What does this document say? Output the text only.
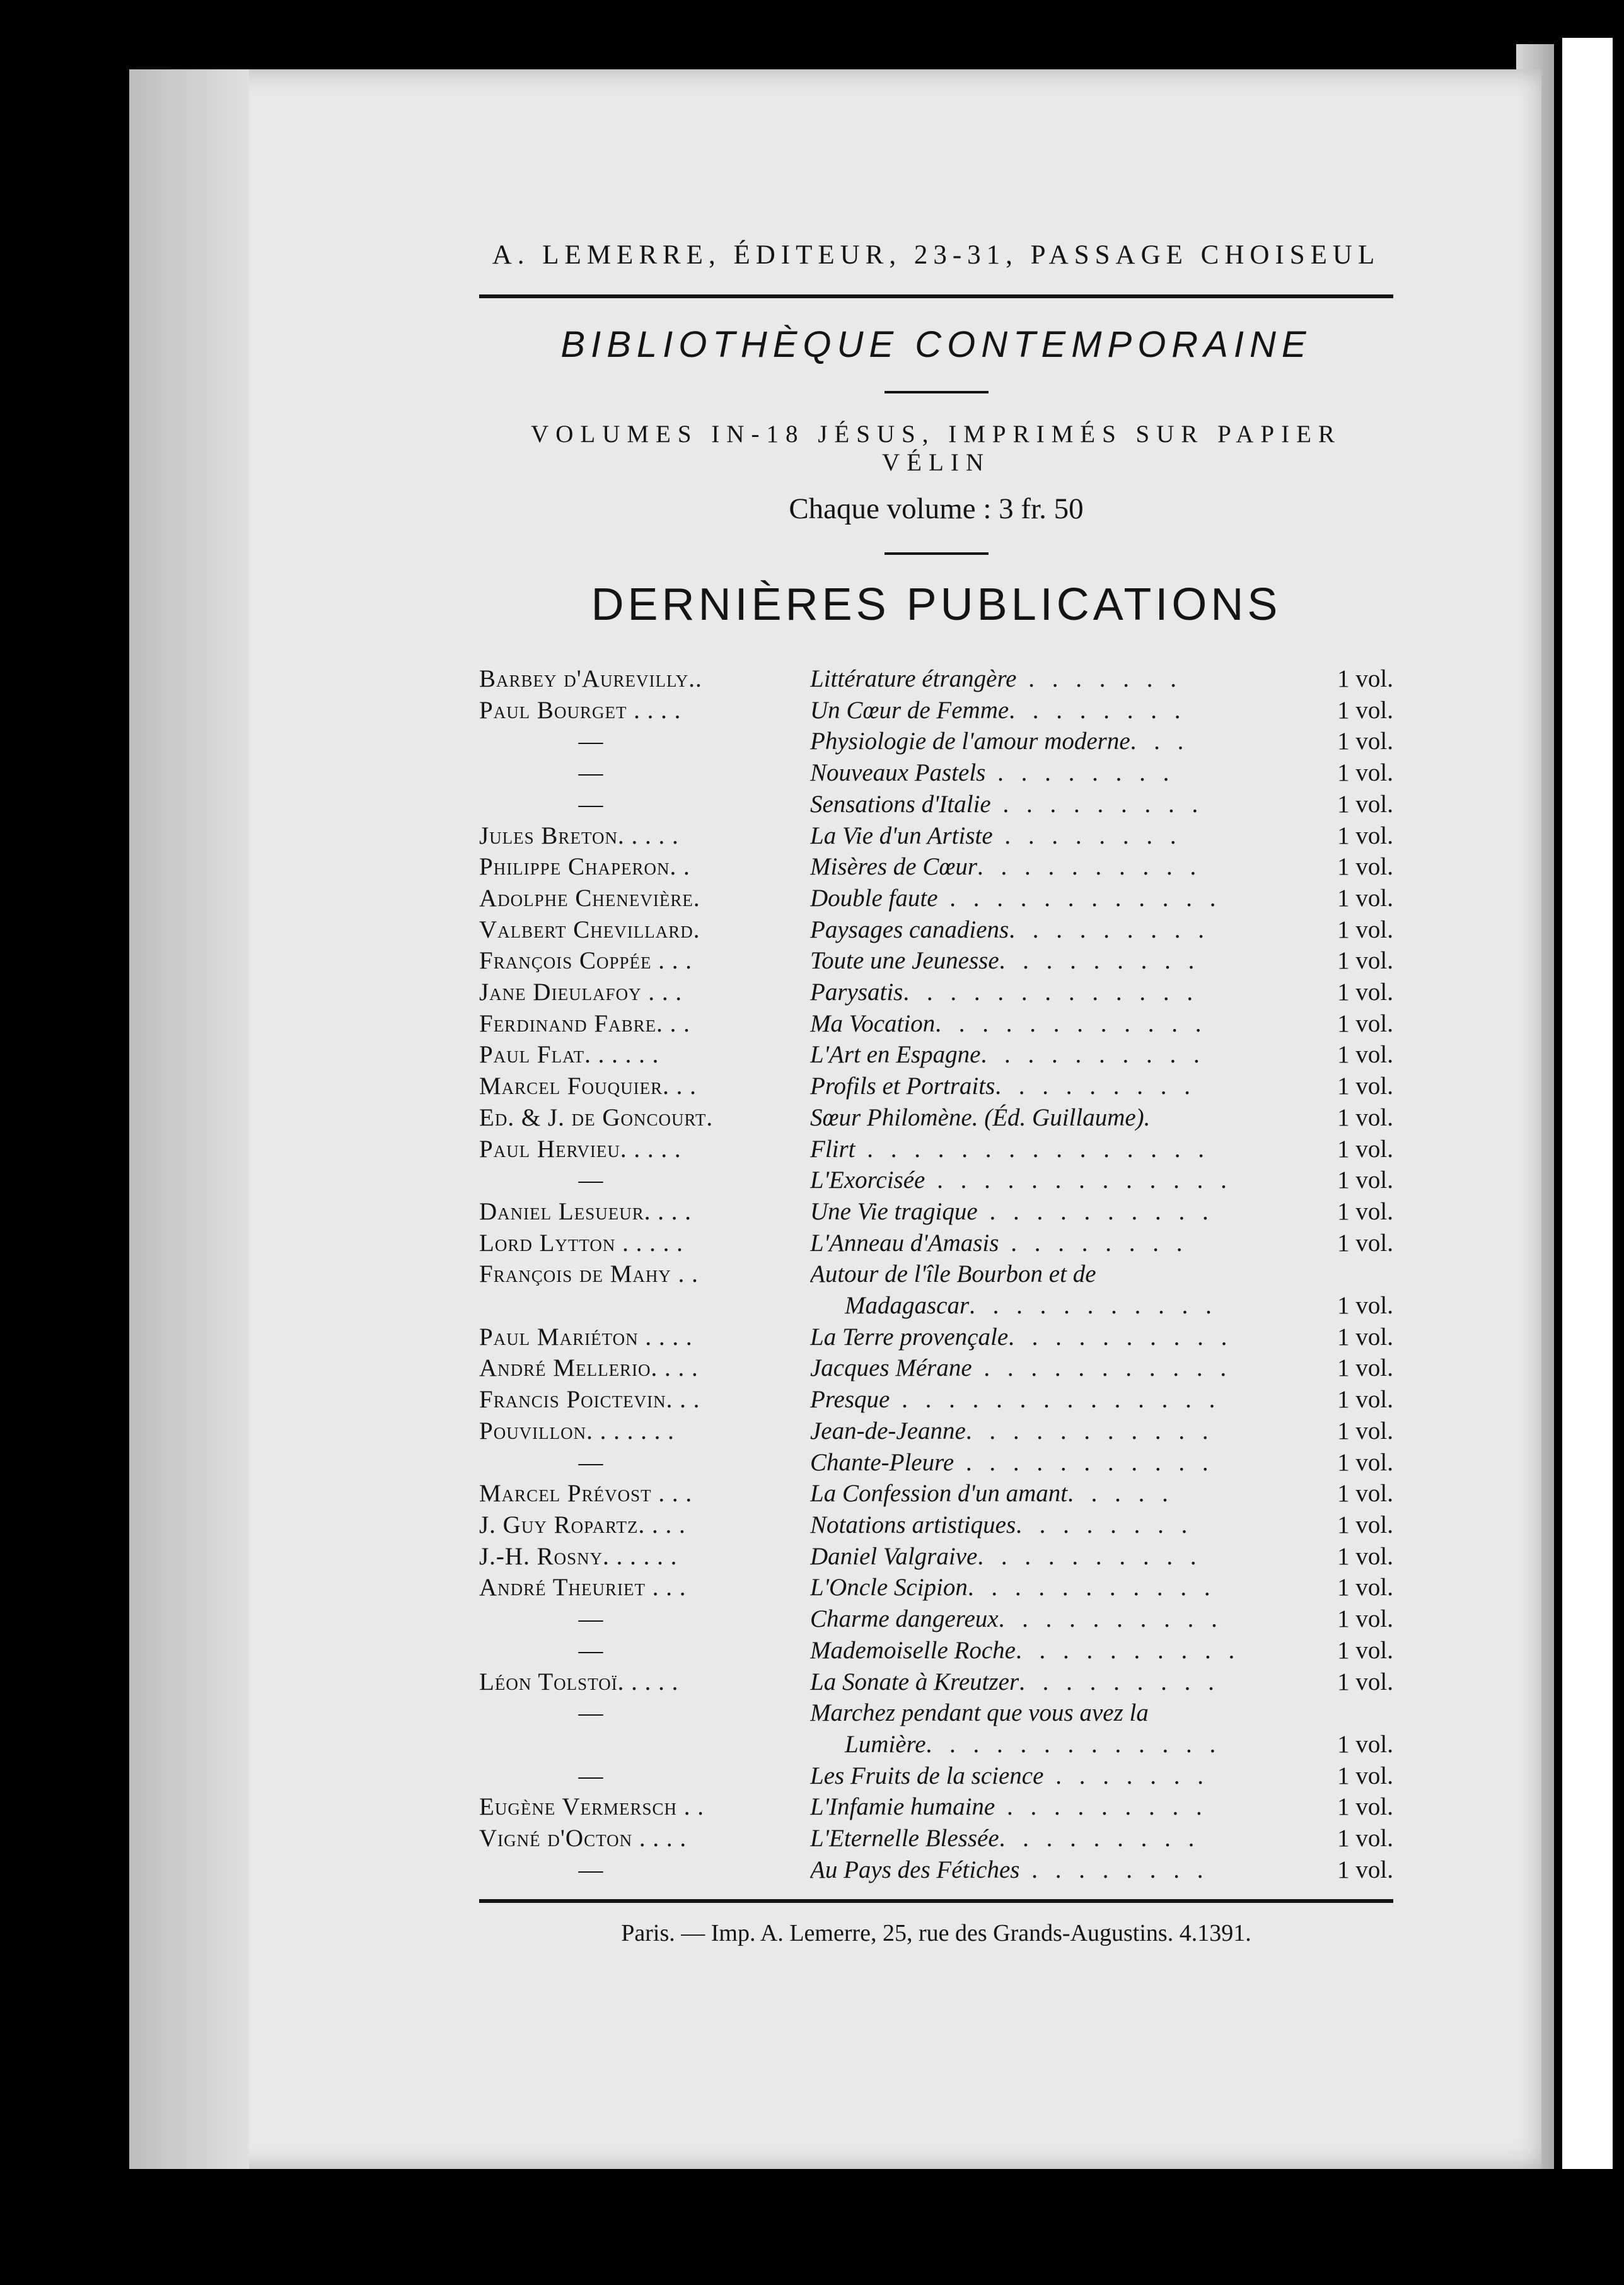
A. LEMERRE, ÉDITEUR, 23-31, PASSAGE CHOISEUL
BIBLIOTHÈQUE CONTEMPORAINE

VOLUMES IN-18 JÉSUS, IMPRIMÉS SUR PAPIER VÉLIN

Chaque volume : 3 fr. 50

DERNIÈRES PUBLICATIONS
Barbey d'Aurevilly..	Littérature étrangère . . . . . . .	1 vol.
Paul Bourget . . . .	Un Cœur de Femme. . . . . . . .	1 vol.
—	Physiologie de l'amour moderne. . .	1 vol.
—	Nouveaux Pastels . . . . . . . .	1 vol.
—	Sensations d'Italie . . . . . . . . .	1 vol.
Jules Breton. . . . .	La Vie d'un Artiste . . . . . . . .	1 vol.
Philippe Chaperon. .	Misères de Cœur. . . . . . . . . .	1 vol.
Adolphe Chenevière.	Double faute . . . . . . . . . . . .	1 vol.
Valbert Chevillard.	Paysages canadiens. . . . . . . . .	1 vol.
François Coppée . . .	Toute une Jeunesse. . . . . . . . .	1 vol.
Jane Dieulafoy . . .	Parysatis. . . . . . . . . . . . .	1 vol.
Ferdinand Fabre. . .	Ma Vocation. . . . . . . . . . . .	1 vol.
Paul Flat. . . . . .	L'Art en Espagne. . . . . . . . . .	1 vol.
Marcel Fouquier. . .	Profils et Portraits. . . . . . . . .	1 vol.
Ed. & J. de Goncourt.	Sœur Philomène. (Éd. Guillaume).	1 vol.
Paul Hervieu. . . . .	Flirt . . . . . . . . . . . . . . .	1 vol.
—	L'Exorcisée . . . . . . . . . . . . .	1 vol.
Daniel Lesueur. . . .	Une Vie tragique . . . . . . . . . .	1 vol.
Lord Lytton . . . . .	L'Anneau d'Amasis . . . . . . . .	1 vol.
François de Mahy . .	Autour de l'île Bourbon et de
Madagascar. . . . . . . . . . .	1 vol.
Paul Mariéton . . . .	La Terre provençale. . . . . . . . . .	1 vol.
André Mellerio. . . .	Jacques Mérane . . . . . . . . . . .	1 vol.
Francis Poictevin. . .	Presque . . . . . . . . . . . . . .	1 vol.
Pouvillon. . . . . . .	Jean-de-Jeanne. . . . . . . . . . .	1 vol.
—	Chante-Pleure . . . . . . . . . . .	1 vol.
Marcel Prévost . . .	La Confession d'un amant. . . . .	1 vol.
J. Guy Ropartz. . . .	Notations artistiques. . . . . . . .	1 vol.
J.-H. Rosny. . . . . .	Daniel Valgraive. . . . . . . . . .	1 vol.
André Theuriet . . .	L'Oncle Scipion. . . . . . . . . . .	1 vol.
—	Charme dangereux. . . . . . . . . .	1 vol.
—	Mademoiselle Roche. . . . . . . . . .	1 vol.
Léon Tolstoï. . . . .	La Sonate à Kreutzer. . . . . . . . .	1 vol.
—	Marchez pendant que vous avez la
Lumière. . . . . . . . . . . . .	1 vol.
—	Les Fruits de la science . . . . . . .	1 vol.
Eugène Vermersch . .	L'Infamie humaine . . . . . . . . .	1 vol.
Vigné d'Octon . . . .	L'Eternelle Blessée. . . . . . . . .	1 vol.
—	Au Pays des Fétiches . . . . . . . .	1 vol.
Paris. — Imp. A. Lemerre, 25, rue des Grands-Augustins. 4.1391.
